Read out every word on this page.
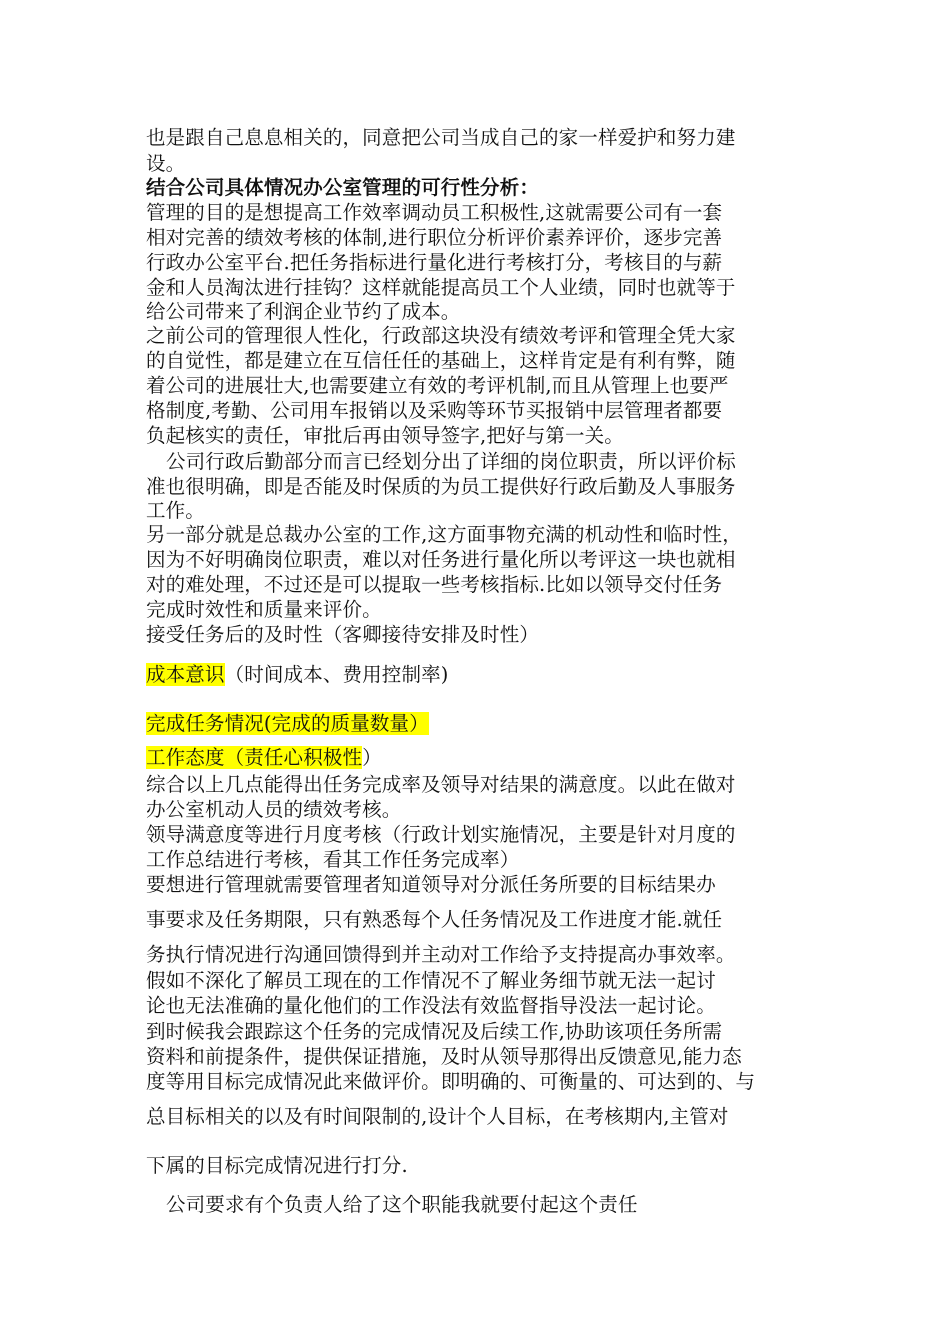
也是跟自己息息相关的，同意把公司当成自己的家一样爱护和努力建

设。

结合公司具体情况办公室管理的可行性分析：

管理的目的是想提高工作效率调动员工积极性,这就需要公司有一套

相对完善的绩效考核的体制,进行职位分析评价素养评价，逐步完善

行政办公室平台.把任务指标进行量化进行考核打分，考核目的与薪

金和人员淘汰进行挂钩？这样就能提高员工个人业绩，同时也就等于

给公司带来了利润企业节约了成本。

之前公司的管理很人性化，行政部这块没有绩效考评和管理全凭大家

的自觉性，都是建立在互信任任的基础上，这样肯定是有利有弊，随

着公司的进展壮大,也需要建立有效的考评机制,而且从管理上也要严

格制度,考勤、公司用车报销以及采购等环节买报销中层管理者都要

负起核实的责任，审批后再由领导签字,把好与第一关。

公司行政后勤部分而言已经划分出了详细的岗位职责，所以评价标

准也很明确，即是否能及时保质的为员工提供好行政后勤及人事服务

工作。

另一部分就是总裁办公室的工作,这方面事物充满的机动性和临时性，

因为不好明确岗位职责，难以对任务进行量化所以考评这一块也就相

对的难处理，不过还是可以提取一些考核指标.比如以领导交付任务

完成时效性和质量来评价。

接受任务后的及时性（客卿接待安排及时性）

成本意识（时间成本、费用控制率)

完成任务情况(完成的质量数量）

工作态度（责任心积极性）

综合以上几点能得出任务完成率及领导对结果的满意度。以此在做对

办公室机动人员的绩效考核。

领导满意度等进行月度考核（行政计划实施情况，主要是针对月度的

工作总结进行考核，看其工作任务完成率）

要想进行管理就需要管理者知道领导对分派任务所要的目标结果办

事要求及任务期限，只有熟悉每个人任务情况及工作进度才能.就任

务执行情况进行沟通回馈得到并主动对工作给予支持提高办事效率。

假如不深化了解员工现在的工作情况不了解业务细节就无法一起讨

论也无法准确的量化他们的工作没法有效监督指导没法一起讨论。

到时候我会跟踪这个任务的完成情况及后续工作,协助该项任务所需

资料和前提条件，提供保证措施，及时从领导那得出反馈意见,能力态

度等用目标完成情况此来做评价。即明确的、可衡量的、可达到的、与

总目标相关的以及有时间限制的,设计个人目标，在考核期内,主管对

下属的目标完成情况进行打分.

公司要求有个负责人给了这个职能我就要付起这个责任
